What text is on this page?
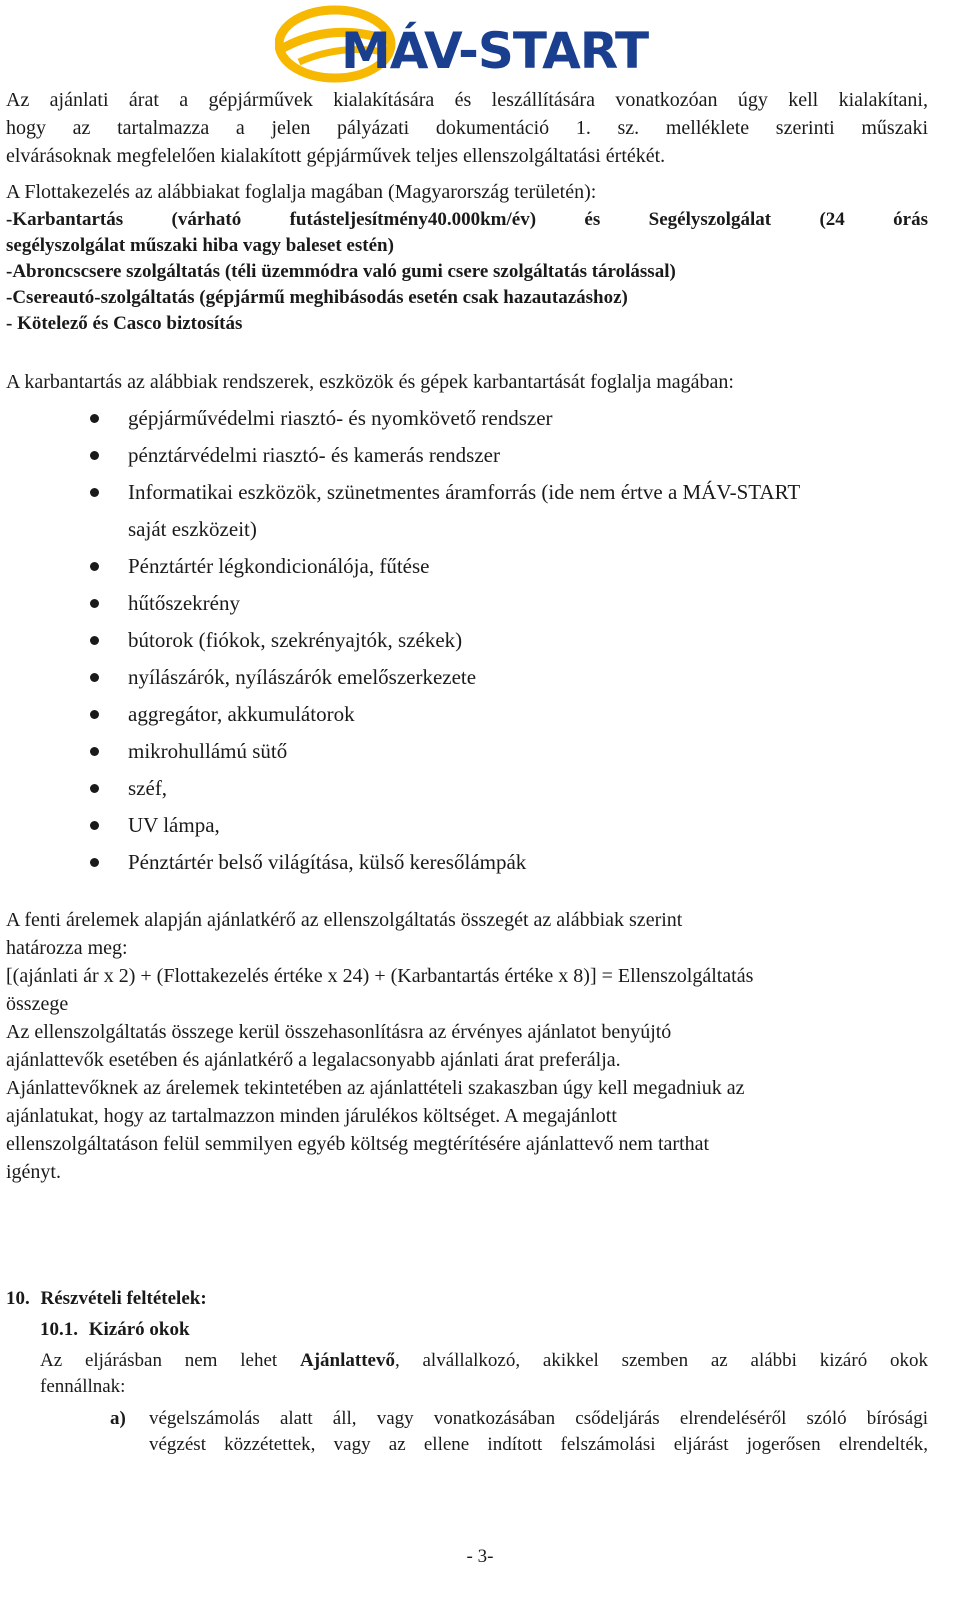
MÁV-START
Az ajánlati árat a gépjárművek kialakítására és leszállítására vonatkozóan úgy kell kialakítani,
hogy az tartalmazza a jelen pályázati dokumentáció 1. sz. melléklete szerinti műszaki
elvárásoknak megfelelően kialakított gépjárművek teljes ellenszolgáltatási értékét.
A Flottakezelés az alábbiakat foglalja magában (Magyarország területén):
-Karbantartás (várható futásteljesítmény40.000km/év) és Segélyszolgálat (24 órás
segélyszolgálat műszaki hiba vagy baleset estén)
-Abroncscsere szolgáltatás (téli üzemmódra való gumi csere szolgáltatás tárolással)
-Csereautó-szolgáltatás (gépjármű meghibásodás esetén csak hazautazáshoz)
- Kötelező és Casco biztosítás
A karbantartás az alábbiak rendszerek, eszközök és gépek karbantartását foglalja magában:
gépjárművédelmi riasztó- és nyomkövető rendszer
pénztárvédelmi riasztó- és kamerás rendszer
Informatikai eszközök, szünetmentes áramforrás (ide nem értve a MÁV-START
saját eszközeit)
Pénztártér légkondicionálója, fűtése
hűtőszekrény
bútorok (fiókok, szekrényajtók, székek)
nyílászárók, nyílászárók emelőszerkezete
aggregátor, akkumulátorok
mikrohullámú sütő
széf,
UV lámpa,
Pénztártér belső világítása, külső keresőlámpák
A fenti árelemek alapján ajánlatkérő az ellenszolgáltatás összegét az alábbiak szerint
határozza meg:
[(ajánlati ár x 2) + (Flottakezelés értéke x 24) + (Karbantartás értéke x 8)] = Ellenszolgáltatás
összege
Az ellenszolgáltatás összege kerül összehasonlításra az érvényes ajánlatot benyújtó
ajánlattevők esetében és ajánlatkérő a legalacsonyabb ajánlati árat preferálja.
Ajánlattevőknek az árelemek tekintetében az ajánlattételi szakaszban úgy kell megadniuk az
ajánlatukat, hogy az tartalmazzon minden járulékos költséget. A megajánlott
ellenszolgáltatáson felül semmilyen egyéb költség megtérítésére ajánlattevő nem tarthat
igényt.
10. Részvételi feltételek:
10.1. Kizáró okok
Az eljárásban nem lehet Ajánlattevő, alvállalkozó, akikkel szemben az alábbi kizáró okok
fennállnak:
a) végelszámolás alatt áll, vagy vonatkozásában csődeljárás elrendeléséről szóló bírósági
végzést közzétettek, vagy az ellene indított felszámolási eljárást jogerősen elrendelték,
- 3-
